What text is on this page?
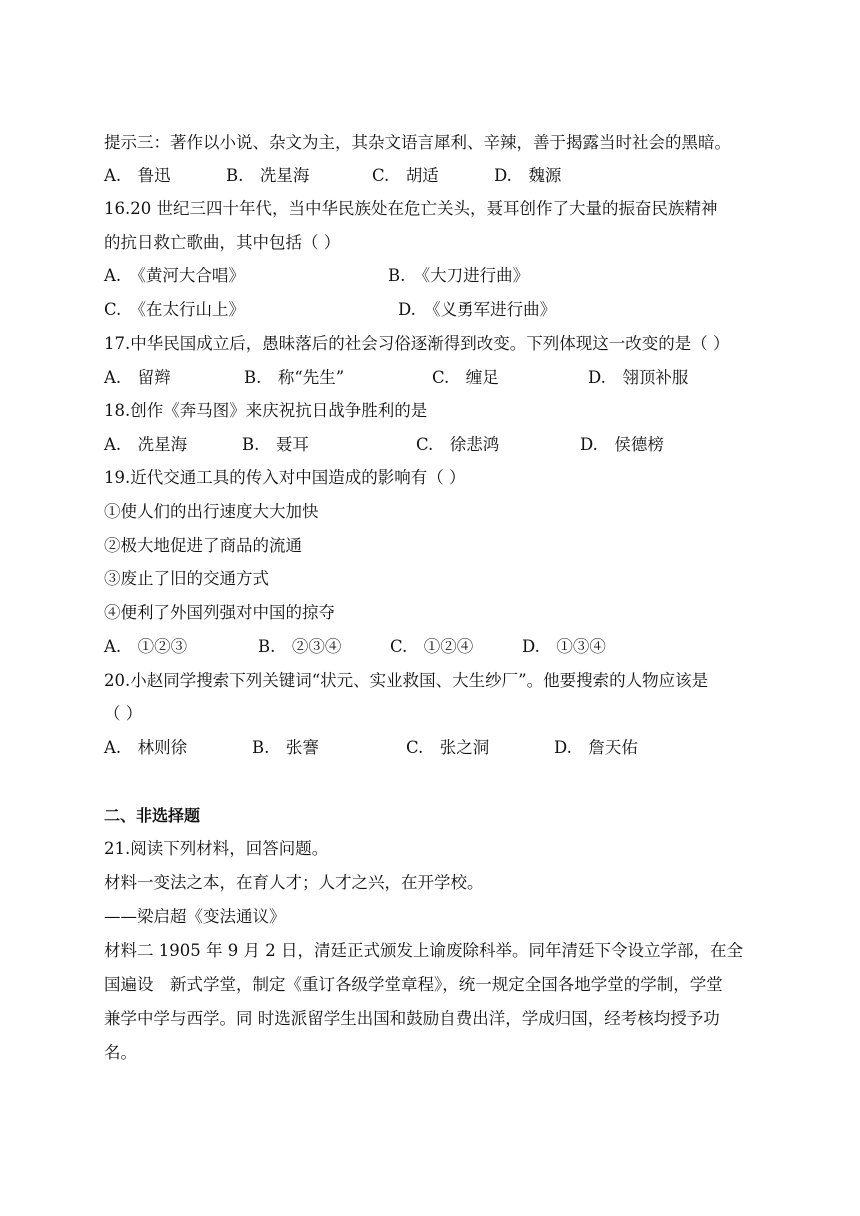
提示三：著作以小说、杂文为主，其杂文语言犀利、辛辣，善于揭露当时社会的黑暗。
A.　鲁迅	B.　冼星海	C.　胡适	D.　魏源
16.20 世纪三四十年代，当中华民族处在危亡关头，聂耳创作了大量的振奋民族精神
的抗日救亡歌曲，其中包括（ ）
A.　《黄河大合唱》	B.　《大刀进行曲》
C.　《在太行山上》	D.　《义勇军进行曲》
17.中华民国成立后，愚昧落后的社会习俗逐渐得到改变。下列体现这一改变的是（ ）
A.　留辫	B.　称“先生”	C.　缠足	D.　翎顶补服
18.创作《奔马图》来庆祝抗日战争胜利的是
A.　冼星海	B.　聂耳	C.　徐悲鸿	D.　侯德榜
19.近代交通工具的传入对中国造成的影响有（ ）
①使人们的出行速度大大加快
②极大地促进了商品的流通
③废止了旧的交通方式
④便利了外国列强对中国的掠夺
A.　①②③	B.　②③④	C.　①②④	D.　①③④
20.小赵同学搜索下列关键词“状元、实业救国、大生纱厂”。他要搜索的人物应该是
（ ）
A.　林则徐	B.　张謇	C.　张之洞	D.　詹天佑
二、非选择题
21.阅读下列材料，回答问题。
材料一变法之本，在育人才；人才之兴，在开学校。
——梁启超《变法通议》
材料二 1905 年 9 月 2 日，清廷正式颁发上谕废除科举。同年清廷下令设立学部，在全
国遍设　新式学堂，制定《重订各级学堂章程》，统一规定全国各地学堂的学制，学堂
兼学中学与西学。同 时选派留学生出国和鼓励自费出洋，学成归国，经考核均授予功
名。
